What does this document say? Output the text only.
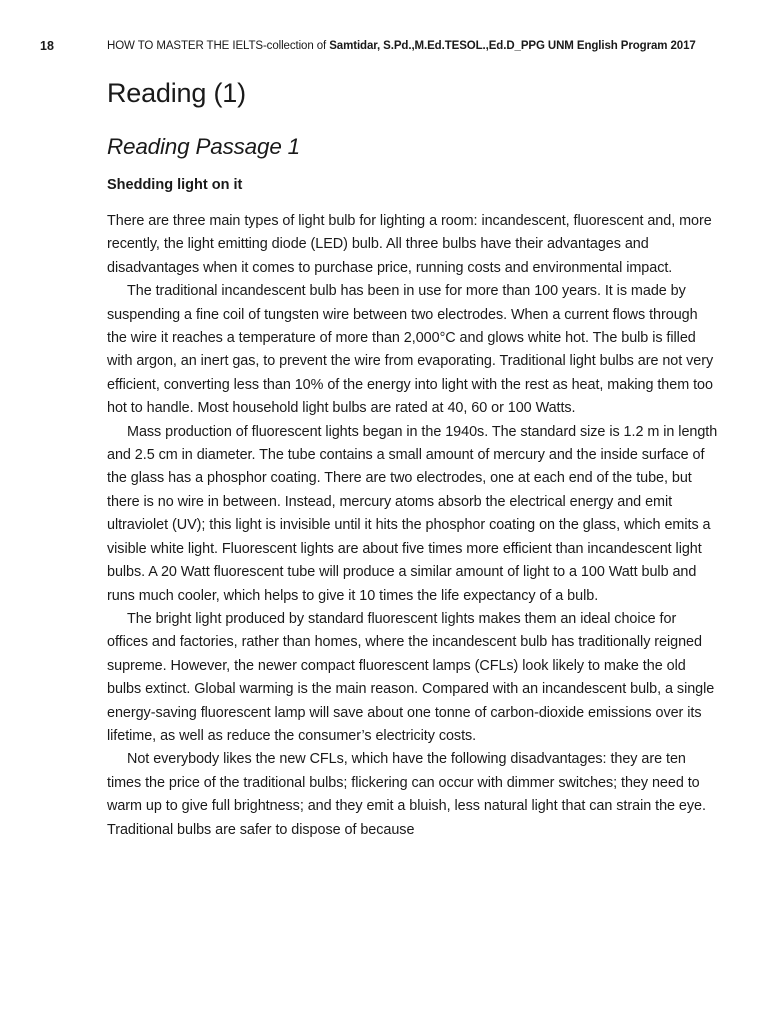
18	HOW TO MASTER THE IELTS-collection of Samtidar, S.Pd.,M.Ed.TESOL.,Ed.D_PPG UNM English Program 2017
Reading (1)
Reading Passage 1
Shedding light on it

There are three main types of light bulb for lighting a room: incandescent, fluorescent and, more recently, the light emitting diode (LED) bulb. All three bulbs have their advantages and disadvantages when it comes to purchase price, running costs and environmental impact.

The traditional incandescent bulb has been in use for more than 100 years. It is made by suspending a fine coil of tungsten wire between two electrodes. When a current flows through the wire it reaches a temperature of more than 2,000°C and glows white hot. The bulb is filled with argon, an inert gas, to prevent the wire from evaporating. Traditional light bulbs are not very efficient, converting less than 10% of the energy into light with the rest as heat, making them too hot to handle. Most household light bulbs are rated at 40, 60 or 100 Watts.

Mass production of fluorescent lights began in the 1940s. The standard size is 1.2 m in length and 2.5 cm in diameter. The tube contains a small amount of mercury and the inside surface of the glass has a phosphor coating. There are two electrodes, one at each end of the tube, but there is no wire in between. Instead, mercury atoms absorb the electrical energy and emit ultraviolet (UV); this light is invisible until it hits the phosphor coating on the glass, which emits a visible white light. Fluorescent lights are about five times more efficient than incandescent light bulbs. A 20 Watt fluorescent tube will produce a similar amount of light to a 100 Watt bulb and runs much cooler, which helps to give it 10 times the life expectancy of a bulb.

The bright light produced by standard fluorescent lights makes them an ideal choice for offices and factories, rather than homes, where the incandescent bulb has traditionally reigned supreme. However, the newer compact fluorescent lamps (CFLs) look likely to make the old bulbs extinct. Global warming is the main reason. Compared with an incandescent bulb, a single energy-saving fluorescent lamp will save about one tonne of carbon-dioxide emissions over its lifetime, as well as reduce the consumer’s electricity costs.

Not everybody likes the new CFLs, which have the following disadvantages: they are ten times the price of the traditional bulbs; flickering can occur with dimmer switches; they need to warm up to give full brightness; and they emit a bluish, less natural light that can strain the eye. Traditional bulbs are safer to dispose of because
